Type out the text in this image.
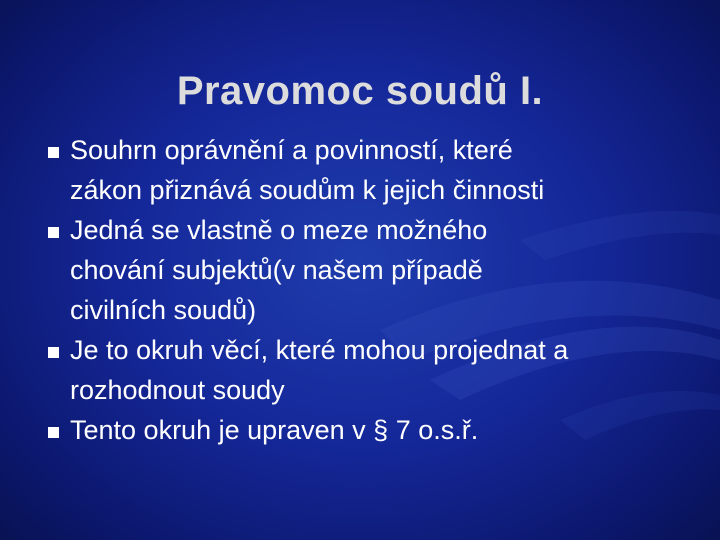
Pravomoc soudů I.
Souhrn oprávnění a povinností, které
zákon přiznává soudům k jejich činnosti
Jedná se vlastně o meze možného
chování subjektů(v našem případě
civilních soudů)
Je to okruh věcí, které mohou projednat a
rozhodnout soudy
Tento okruh je upraven v § 7 o.s.ř.
